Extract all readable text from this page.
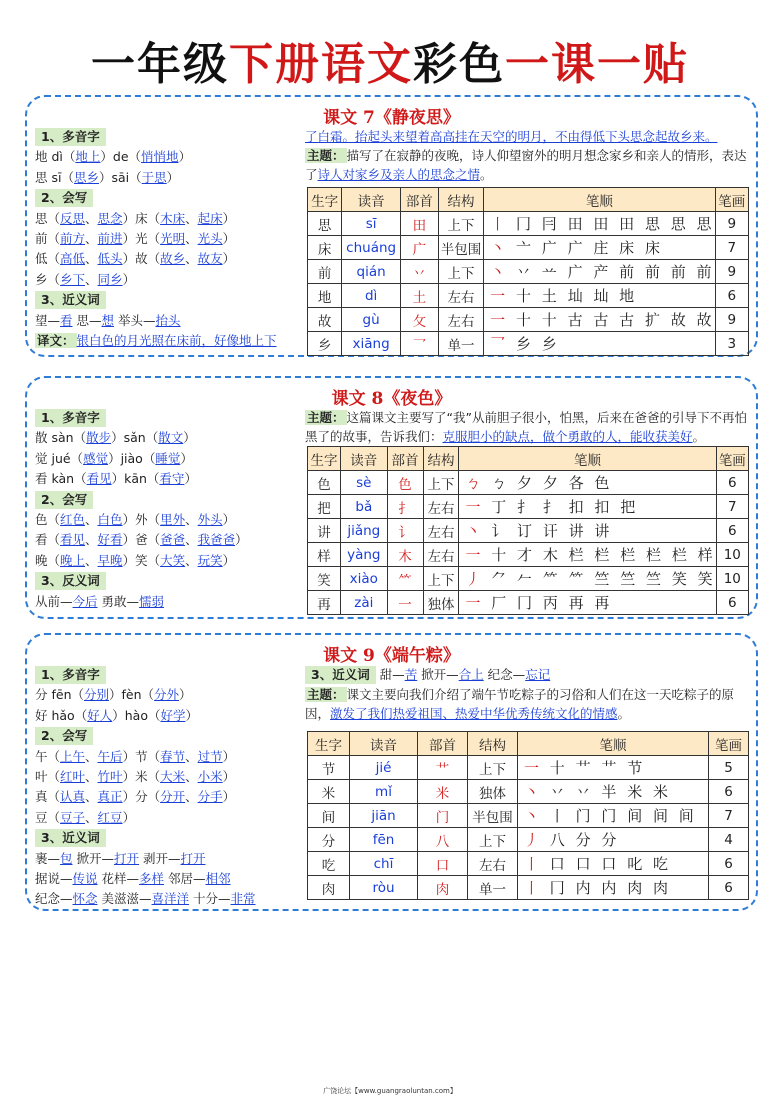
一年级下册语文彩色一课一贴
课文 7《静夜思》
1、多音字
地 dì（地上）de（悄悄地）
思 sī（思乡）sāi（于思）
2、会写
思（反思、思念）床（木床、起床）
前（前方、前进）光（光明、光头）
低（高低、低头）故（故乡、故友）
乡（乡下、同乡）
3、近义词
望—看 思—想 举头—抬头
译文： 银白色的月光照在床前，好像地上下
了白霜。抬起头来望着高高挂在天空的明月，不由得低下头思念起故乡来。
主题： 描写了在寂静的夜晚，诗人仰望窗外的明月想念家乡和亲人的情形，表达了诗人对家乡及亲人的思念之情。
生字	读音	部首	结构	笔顺	笔画
思	sī	田	上下	丨 冂 冃 田 田 田 思 思 思	9
床	chuáng	广	半包围	丶 亠 广 广 庄 床 床	7
前	qián	丷	上下	丶 丷 䒑 广 产 前 前 前 前	9
地	dì	土	左右	一 十 土 圸 圸 地	6
故	gù	攵	左右	一 十 十 古 古 古 扩 故 故	9
乡	xiāng	乛	单一	乛 乡 乡	3
课文 8《夜色》
1、多音字
散 sàn（散步）sǎn（散文）
觉 jué（感觉）jiào（睡觉）
看 kàn（看见）kān（看守）
2、会写
色（红色、白色）外（里外、外头）
看（看见、好看）爸（爸爸、我爸爸）
晚（晚上、早晚）笑（大笑、玩笑）
3、反义词
从前—今后 勇敢—懦弱
主题： 这篇课文主要写了“我”从前胆子很小，怕黑，后来在爸爸的引导下不再怕黑了的故事，告诉我们：克服胆小的缺点，做个勇敢的人，能收获美好。
生字	读音	部首	结构	笔顺	笔画
色	sè	色	上下	ㄅ ㄅ 夕 夕 各 色	6
把	bǎ	扌	左右	一 丁 扌 扌 扣 扣 把	7
讲	jiǎng	讠	左右	丶 讠 订 讦 讲 讲	6
样	yàng	木	左右	一 十 才 木 栏 栏 栏 栏 栏 样	10
笑	xiào	⺮	上下	丿 ⺈ 𠂉 ⺮ ⺮ 竺 竺 竺 笑 笑	10
再	zài	一	独体	一 厂 冂 丙 再 再	6
课文 9《端午粽》
1、多音字
分 fēn（分别）fèn（分外）
好 hǎo（好人）hào（好学）
2、会写
午（上午、午后）节（春节、过节）
叶（红叶、竹叶）米（大米、小米）
真（认真、真正）分（分开、分手）
豆（豆子、红豆）
3、近义词
裹—包 掀开—打开 剥开—打开
据说—传说 花样—多样 邻居—相邻
纪念—怀念 美滋滋—喜洋洋 十分—非常
3、近义词 甜—苦 掀开—合上 纪念—忘记
主题： 课文主要向我们介绍了端午节吃粽子的习俗和人们在这一天吃粽子的原因，激发了我们热爱祖国、热爱中华优秀传统文化的情感。
生字	读音	部首	结构	笔顺	笔画
节	jié	艹	上下	一 十 艹 艹 节	5
米	mǐ	米	独体	丶 丷 丷 半 米 米	6
间	jiān	门	半包围	丶 丨 门 门 间 间 间	7
分	fēn	八	上下	丿 八 分 分	4
吃	chī	口	左右	丨 口 口 口 叱 吃	6
肉	ròu	肉	单一	丨 冂 内 内 肉 肉	6
广饶论坛【www.guangraoluntan.com】
